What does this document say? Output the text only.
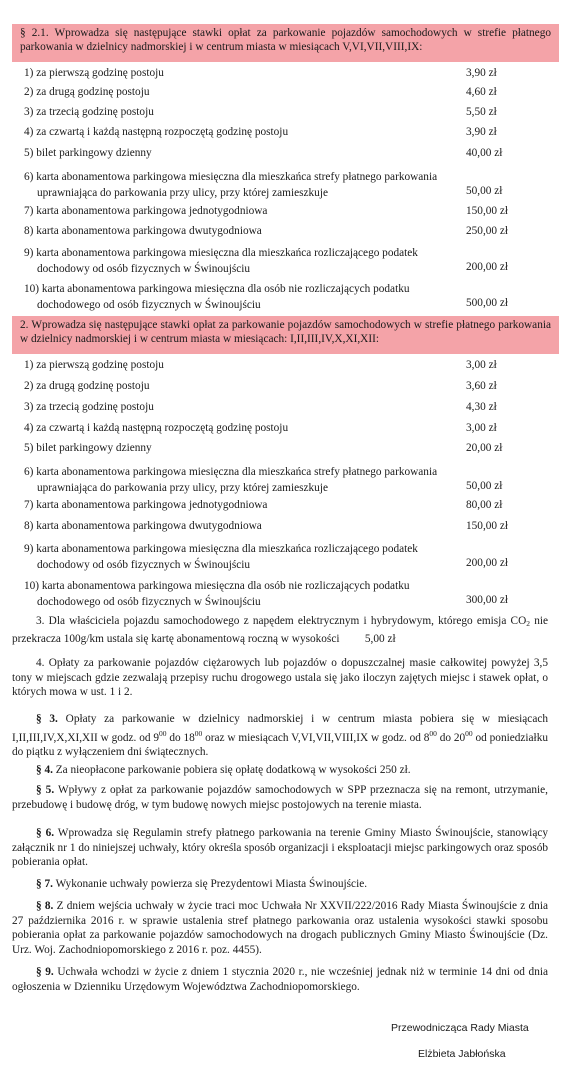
§ 2.1. Wprowadza się następujące stawki opłat za parkowanie pojazdów samochodowych w strefie płatnego parkowania w dzielnicy nadmorskiej i w centrum miasta w miesiącach V,VI,VII,VIII,IX:
1) za pierwszą godzinę postoju	3,90 zł
2) za drugą godzinę postoju	4,60 zł
3) za trzecią godzinę postoju	5,50 zł
4) za czwartą i każdą następną rozpoczętą godzinę postoju	3,90 zł
5) bilet parkingowy dzienny	40,00 zł
6) karta abonamentowa parkingowa miesięczna dla mieszkańca strefy płatnego parkowania
uprawniająca do parkowania przy ulicy, przy której zamieszkuje	50,00 zł
7) karta abonamentowa parkingowa jednotygodniowa	150,00 zł
8) karta abonamentowa parkingowa dwutygodniowa	250,00 zł
9) karta abonamentowa parkingowa miesięczna dla mieszkańca rozliczającego podatek
dochodowy od osób fizycznych w Świnoujściu	200,00 zł
10) karta abonamentowa parkingowa miesięczna dla osób nie rozliczających podatku
dochodowego od osób fizycznych w Świnoujściu	500,00 zł
2. Wprowadza się następujące stawki opłat za parkowanie pojazdów samochodowych w strefie płatnego parkowania w dzielnicy nadmorskiej i w centrum miasta w miesiącach: I,II,III,IV,X,XI,XII:
1) za pierwszą godzinę postoju	3,00 zł
2) za drugą godzinę postoju	3,60 zł
3) za trzecią godzinę postoju	4,30 zł
4) za czwartą i każdą następną rozpoczętą godzinę postoju	3,00 zł
5) bilet parkingowy dzienny	20,00 zł
6) karta abonamentowa parkingowa miesięczna dla mieszkańca strefy płatnego parkowania
uprawniająca do parkowania przy ulicy, przy której zamieszkuje	50,00 zł
7) karta abonamentowa parkingowa jednotygodniowa	80,00 zł
8) karta abonamentowa parkingowa dwutygodniowa	150,00 zł
9) karta abonamentowa parkingowa miesięczna dla mieszkańca rozliczającego podatek
dochodowy od osób fizycznych w Świnoujściu	200,00 zł
10) karta abonamentowa parkingowa miesięczna dla osób nie rozliczających podatku
dochodowego od osób fizycznych w Świnoujściu	300,00 zł
3. Dla właściciela pojazdu samochodowego z napędem elektrycznym i hybrydowym, którego emisja $CO_2$ nie przekracza 100g/km ustala się kartę abonamentową roczną w wysokości 5,00 zł
4. Opłaty za parkowanie pojazdów ciężarowych lub pojazdów o dopuszczalnej masie całkowitej powyżej 3,5 tony w miejscach gdzie zezwalają przepisy ruchu drogowego ustala się jako iloczyn zajętych miejsc i stawek opłat, o których mowa w ust. 1 i 2.
§ 3. Opłaty za parkowanie w dzielnicy nadmorskiej i w centrum miasta pobiera się w miesiącach I,II,III,IV,X,XI,XII w godz. od $9^{00}$ do $18^{00}$ oraz w miesiącach V,VI,VII,VIII,IX w godz. od $8^{00}$ do $20^{00}$ od poniedziałku do piątku z wyłączeniem dni świątecznych.
§ 4. Za nieopłacone parkowanie pobiera się opłatę dodatkową w wysokości 250 zł.
§ 5. Wpływy z opłat za parkowanie pojazdów samochodowych w SPP przeznacza się na remont, utrzymanie, przebudowę i budowę dróg, w tym budowę nowych miejsc postojowych na terenie miasta.
§ 6. Wprowadza się Regulamin strefy płatnego parkowania na terenie Gminy Miasto Świnoujście, stanowiący załącznik nr 1 do niniejszej uchwały, który określa sposób organizacji i eksploatacji miejsc parkingowych oraz sposób pobierania opłat.
§ 7. Wykonanie uchwały powierza się Prezydentowi Miasta Świnoujście.
§ 8. Z dniem wejścia uchwały w życie traci moc Uchwała Nr XXVII/222/2016 Rady Miasta Świnoujście z dnia 27 października 2016 r. w sprawie ustalenia stref płatnego parkowania oraz ustalenia wysokości stawki sposobu pobierania opłat za parkowanie pojazdów samochodowych na drogach publicznych Gminy Miasto Świnoujście (Dz. Urz. Woj. Zachodniopomorskiego z 2016 r. poz. 4455).
§ 9. Uchwała wchodzi w życie z dniem 1 stycznia 2020 r., nie wcześniej jednak niż w terminie 14 dni od dnia ogłoszenia w Dzienniku Urzędowym Województwa Zachodniopomorskiego.
Przewodnicząca Rady Miasta
Elżbieta Jabłońska
